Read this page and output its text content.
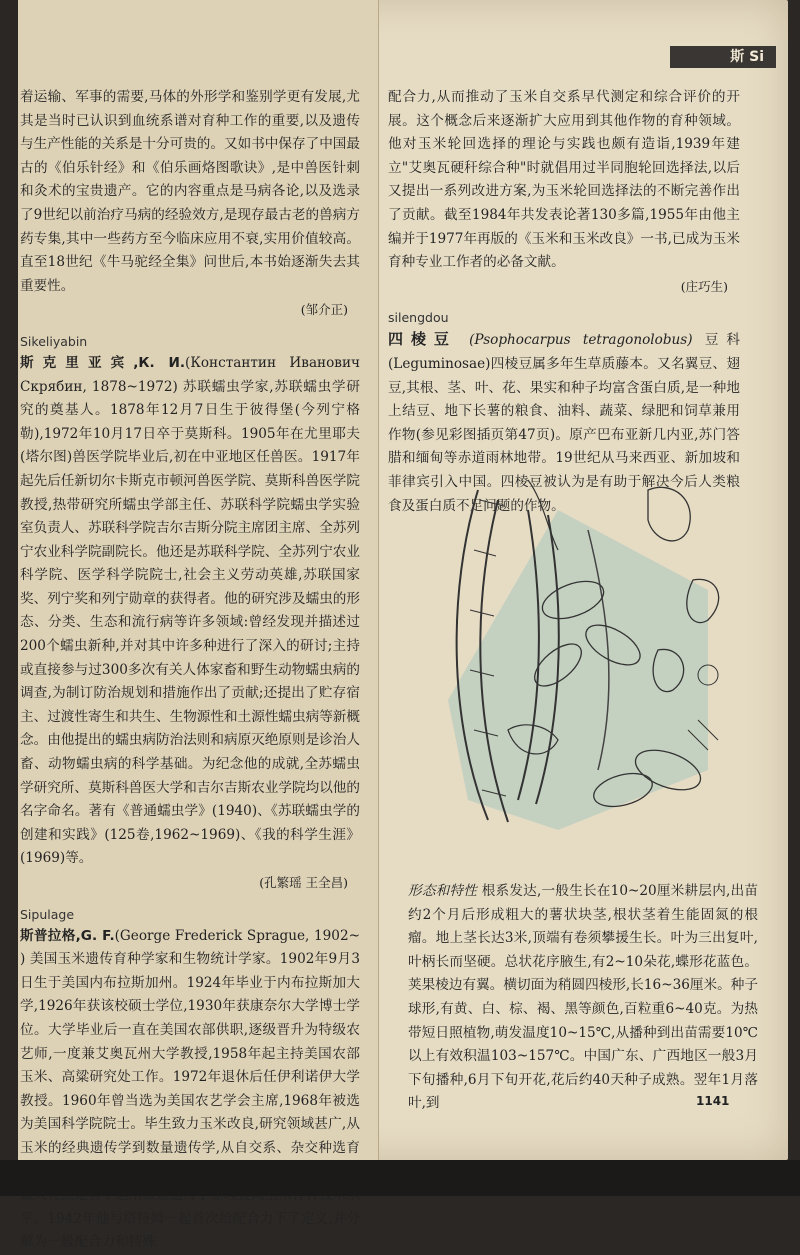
斯 Si

着运输、军事的需要,马体的外形学和鉴别学更有发展,尤其是当时已认识到血统系谱对育种工作的重要,以及遗传与生产性能的关系是十分可贵的。又如书中保存了中国最古的《伯乐针经》和《伯乐画烙图歌诀》,是中兽医针刺和灸术的宝贵遗产。它的内容重点是马病各论,以及选录了9世纪以前治疗马病的经验效方,是现存最古老的兽病方药专集,其中一些药方至今临床应用不衰,实用价值较高。直至18世纪《牛马驼经全集》问世后,本书始逐渐失去其重要性。

(邹介正)

Sikeliyabin

斯克里亚宾,К. И.(Константин Иванович Скрябин, 1878~1972) 苏联蠕虫学家,苏联蠕虫学研究的奠基人。1878年12月7日生于彼得堡(今列宁格勒),1972年10月17日卒于莫斯科。1905年在尤里耶夫(塔尔图)兽医学院毕业后,初在中亚地区任兽医。1917年起先后任新切尔卡斯克市顿河兽医学院、莫斯科兽医学院教授,热带研究所蠕虫学部主任、苏联科学院蠕虫学实验室负责人、苏联科学院吉尔吉斯分院主席团主席、全苏列宁农业科学院副院长。他还是苏联科学院、全苏列宁农业科学院、医学科学院院士,社会主义劳动英雄,苏联国家奖、列宁奖和列宁勋章的获得者。他的研究涉及蠕虫的形态、分类、生态和流行病等许多领域:曾经发现并描述过200个蠕虫新种,并对其中许多种进行了深入的研讨;主持或直接参与过300多次有关人体家畜和野生动物蠕虫病的调查,为制订防治规划和措施作出了贡献;还提出了贮存宿主、过渡性寄生和共生、生物源性和土源性蠕虫病等新概念。由他提出的蠕虫病防治法则和病原灭绝原则是诊治人畜、动物蠕虫病的科学基础。为纪念他的成就,全苏蠕虫学研究所、莫斯科兽医大学和吉尔吉斯农业学院均以他的名字命名。著有《普通蠕虫学》(1940)、《苏联蠕虫学的创建和实践》(125卷,1962~1969)、《我的科学生涯》(1969)等。

(孔繁瑶 王全昌)

Sipulage

斯普拉格,G. F.(George Frederick Sprague, 1902~ ) 美国玉米遗传育种学家和生物统计学家。1902年9月3日生于美国内布拉斯加州。1924年毕业于内布拉斯加大学,1926年获该校硕士学位,1930年获康奈尔大学博士学位。大学毕业后一直在美国农部供职,逐级晋升为特级农艺师,一度兼艾奥瓦州大学教授,1958年起主持美国农部玉米、高粱研究处工作。1972年退休后任伊利诺伊大学教授。1960年曾当选为美国农艺学会主席,1968年被选为美国科学院院士。毕生致力玉米改良,研究领域甚广,从玉米的经典遗传学到数量遗传学,从自交系、杂交种选育 平。1942年他与塔特姆一起首次给配合力下了定义,并分解为一般配合力和特殊

配合力,从而推动了玉米自交系早代测定和综合评价的开展。这个概念后来逐渐扩大应用到其他作物的育种领域。他对玉米轮回选择的理论与实践也颇有造诣,1939年建立"艾奥瓦硬秆综合种"时就倡用过半同胞轮回选择法,以后又提出一系列改进方案,为玉米轮回选择法的不断完善作出了贡献。截至1984年共发表论著130多篇,1955年由他主编并于1977年再版的《玉米和玉米改良》一书,已成为玉米育种专业工作者的必备文献。

(庄巧生)

silengdou

四棱豆 (Psophocarpus tetragonolobus) 豆科(Leguminosae)四棱豆属多年生草质藤本。又名翼豆、翅豆,其根、茎、叶、花、果实和种子均富含蛋白质,是一种地上结豆、地下长薯的粮食、油料、蔬菜、绿肥和饲草兼用作物(参见彩图插页第47页)。原产巴布亚新几内亚,苏门答腊和缅甸等赤道雨林地带。19世纪从马来西亚、新加坡和菲律宾引入中国。四棱豆被认为是有助于解决今后人类粮食及蛋白质不足问题的作物。

形态和特性 根系发达,一般生长在10~20厘米耕层内,出苗约2个月后形成粗大的薯状块茎,根状茎着生能固氮的根瘤。地上茎长达3米,顶端有卷须攀援生长。叶为三出复叶,叶柄长而坚硬。总状花序腋生,有2~10朵花,蝶形花蓝色。荚果棱边有翼。横切面为稍圆四棱形,长16~36厘米。种子球形,有黄、白、棕、褐、黑等颜色,百粒重6~40克。为热带短日照植物,萌发温度10~15℃,从播种到出苗需要10℃以上有效积温103~157℃。中国广东、广西地区一般3月下旬播种,6月下旬开花,花后约40天种子成熟。翌年1月落叶,到	1141
